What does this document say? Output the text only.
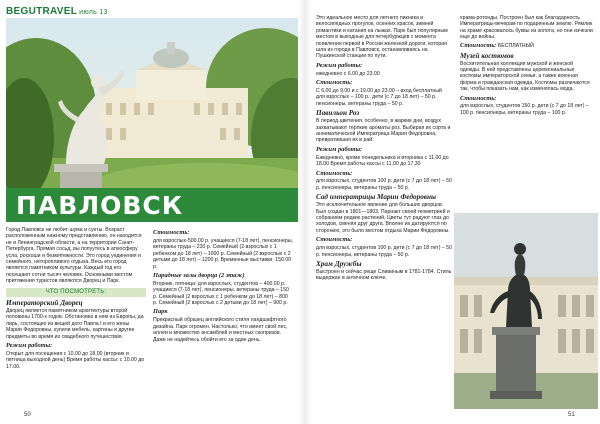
BEGUTRAVEL июль 13
ПАВЛОВСК

Город Павловск не любит шума и суеты. Возраст расположенным нажному представлению, он находится не в Ленинградской области, а на территории Санкт-Петербурга. Прямая сосьд, вы попуутесь в атмосферу усла, роскоши и безмятежности. Это город уединения и семейного, неторопливого отдыха. Весь его город является памятником культуры. Каждый год его посещают сотни тысяч человек. Основными местом притяжения туристов являются Дворец и Парк.

ЧТО ПОСМОТРЕТЬ:
Императорский Дворец

Дворец является памятником архитектуры второй половины 1700-х годов. Обстановка в нем из Европы, да лирь, состоящих из вещей дого Павла I и его жены Марии Федоровны, купили мебель, картины и другие предметы во время их свадебного путешествия.

Режим работы:

Открыт для посещения с 10.00 до 18.00 (вторник и пятница выходной день) Время работы кассы: с 10.00 до 17.00.

Стоимость:

для взрослых-500.00 р. учащиеся (7-18 лет), пенсионеры, ветераны труда – 230 р. Семейный (2 взрослых с 1 ребенком до 18 лет) – 1000 р. Семейный (2 взрослых с 2 детьми до 18 лет) – 1200 р. Временные выставки: 150.00 р.

Парадные залы дворца (2 этаж)

Вторник, пятница: для взрослых, студентов – 400.00 р. учащиеся (7-18 лет), пенсионеры, ветераны труда – 150 р. Семейный (2 взрослых с 1 ребенком до 18 лет) – 800 р. Семейный (2 взрослых с 2 детьми до 18 лет) – 900 р.

Парк

Прекрасный образец английского стиля ландшафтного дизайна. Парк огромен. Настолько, что имеет свой лес, аллеи и множество ансамблей и местных скопризов. Даже не надейтесь обойти его за один день.

Это идеальное место для летнего пикника и велосипедных прогулок, осенних красок, зимней романтики и катания на лыжах. Парк был популярным местом в выходные для петербуржцев с момента появления первой в России железной дороги, которая шла из города в Павловск, останавливаясь на Пушкинской станции по пути.

Режим работы:

ежедневно с 6.00 до 23.00

Стоимость:

С 6.00 до 9.00 и с 19.00 до 23.00 – вход бесплатный для взрослых – 100 р., дети (с 7 до 18 лет) – 50 р. пенсионеры, ветераны труда – 50 р.

Павильон Роз

В период цветения, особенно, в жаркие дни, воздух захватывают терпкие ароматы роз. Выбирая их сорта и аннематической Императрица Мария Федоровна, превратившая их в рай.

Режим работы:

Ежедневно, кроме понедельника и вторника с 11.00 до 18.00 Время работы кассы с 11.00 до 17.30

Стоимость:

для взрослых, студентов 100 р. дети (с 7 до 18 лет) – 50 р. пенсионеры, ветераны труда – 50 р.

Сад императрицы Марии Федоровны

Это исключительное явление для больших дворцов. Был создан в 1801—1803. Парнакт своей геометрией и собранием редких растений. Цветы тут радуют глаз до холодов, сменяя друг друга. Вполне их датируются по сторонию, это было местом отдыха Марии Федоровны.

Стоимость:

для взрослых, студентов 100 р. дети (с 7 до 18 лет) – 50 р. пенсионеры, ветераны труда – 50 р.

Храм Дружбы

Выстроен и сейчас реще Сливиным в 1781-1784. Стиль выдержан в античном ключе.

храма-ротонды. Построен был как благодарность Императрицы-вечерам по подаренным землю. Рямлик на храме красовалось буквы из золота, но они изчезли еще до войны.

Стоимость: БЕСПЛАТНЫЙ

Музей костюмов

Восхитительная коллекция мужской и женской одежды. В ней представлены церемониальные костюмы императорской семьи, а также военная форма и гражданская одежда. Костюмы различаются так, чтобы показать нам, как изменялась мода.

Стоимость:

для взрослых, студентов 150 р. дети (с 7 до 18 лет) – 100 р. пенсионеры, ветераны труда – 100 р.

50	51
